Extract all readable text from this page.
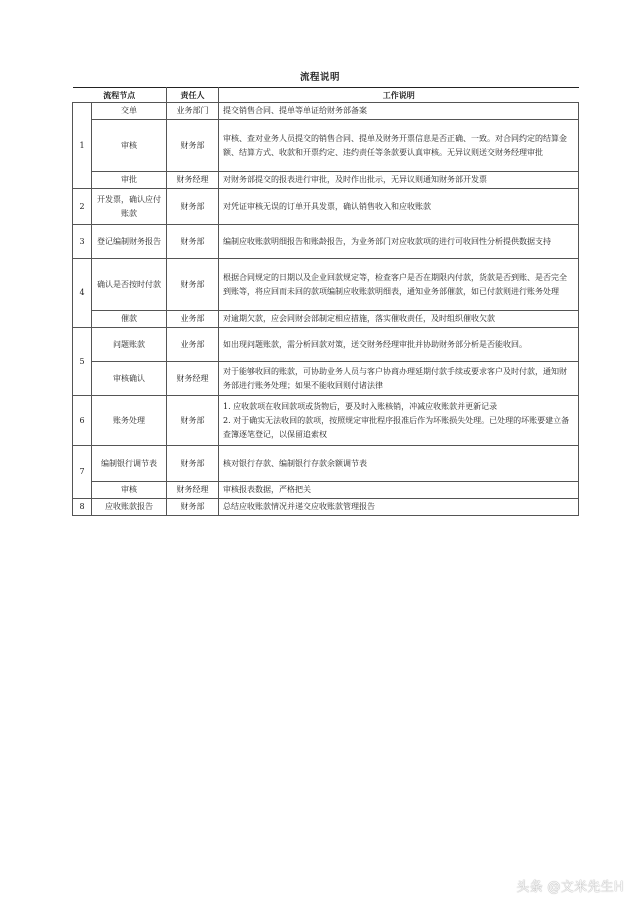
流程说明
流程节点		责任人	工作说明
1	交单	业务部门	提交销售合同、提单等单证给财务部备案

	审核	财务部	审核、查对业务人员提交的销售合同、提单及财务开票信息是否正确、一致。对合同约定的结算金额、结算方式、收款和开票约定、违约责任等条款要认真审核。无异议则送交财务经理审批

	审批	财务经理	对财务部提交的报表进行审批，及时作出批示，无异议则通知财务部开发票

2	开发票，确认应付账款	财务部	对凭证审核无误的订单开具发票，确认销售收入和应收账款

3	登记编制财务报告	财务部	编制应收账款明细报告和账龄报告，为业务部门对应收款项的进行可收回性分析提供数据支持

4	确认是否按时付款	财务部	根据合同规定的日期以及企业回款规定等，检查客户是否在期限内付款，货款是否到账、是否完全到账等，将应回而未回的款项编制应收账款明细表，通知业务部催款，如已付款则进行账务处理

	催款	业务部	对逾期欠款，应会同财会部制定相应措施，落实催收责任，及时组织催收欠款

5	问题账款	业务部	如出现问题账款，需分析回款对策，送交财务经理审批并协助财务部分析是否能收回。

	审核确认	财务经理	对于能够收回的账款，可协助业务人员与客户协商办理延期付款手续或要求客户及时付款，通知财务部进行账务处理；如果不能收回则付诸法律

6	账务处理	财务部	1. 应收款项在收回款项或货物后，要及时入账核销，冲减应收账款并更新记录
2. 对于确实无法收回的款项，按照规定审批程序报准后作为坏账损失处理。已处理的坏账要建立备查簿逐笔登记，以保留追索权

7	编制银行调节表	财务部	核对银行存款、编制银行存款余额调节表

	审核	财务经理	审核报表数据，严格把关

8	应收账款报告	财务部	总结应收账款情况并递交应收账款管理报告
头条 @文米先生H
